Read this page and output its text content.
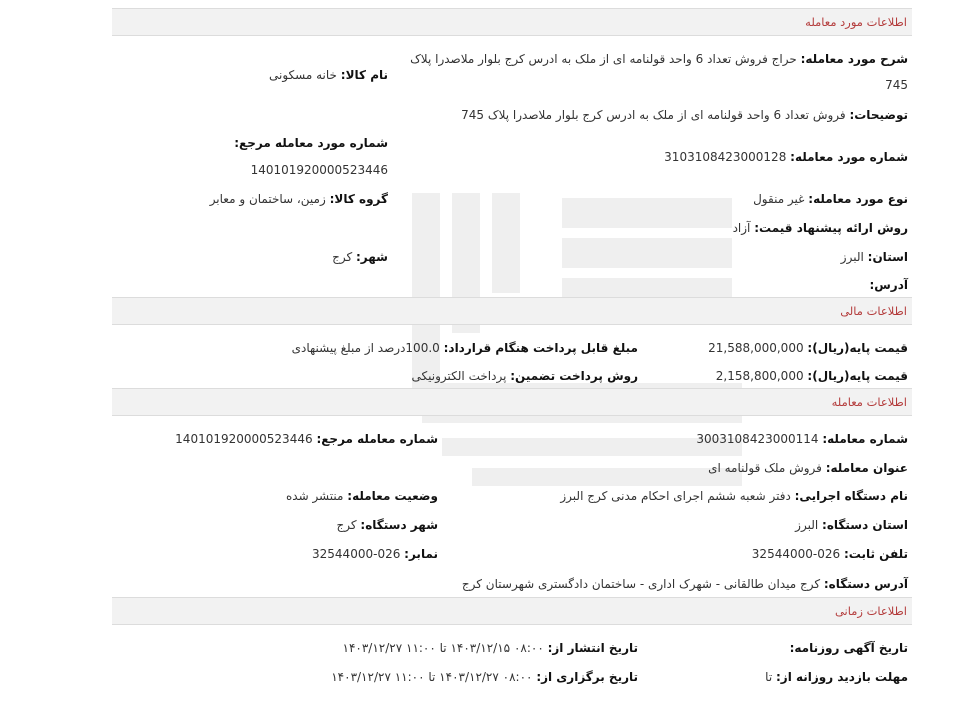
اطلاعات مورد معامله
شرح مورد معامله: حراج فروش تعداد 6 واحد قولنامه ای از ملک به ادرس کرج بلوار ملاصدرا پلاک
745
نام کالا: خانه مسکونی
توضیحات: فروش تعداد 6 واحد قولنامه ای از ملک به ادرس کرج بلوار ملاصدرا پلاک 745
شماره مورد معامله مرجع:
14010192000052344​6
شماره مورد معامله: 3103108423000128
نوع مورد معامله: غیر منقول
گروه کالا: زمین، ساختمان و معابر
روش ارائه پیشنهاد قیمت: آزاد
استان: البرز
شهر: کرج
آدرس:
اطلاعات مالی
قیمت پایه(ریال): 21,588,000,000
مبلغ قابل پرداخت هنگام قرارداد: 100.0درصد از مبلغ پیشنهادی
قیمت پایه(ریال): 2,158,800,000
روش پرداخت تضمین: پرداخت الکترونیکی
اطلاعات معامله
شماره معامله: 3003108423000114
شماره معامله مرجع: 14010192000052344​6
عنوان معامله: فروش ملک قولنامه ای
نام دستگاه اجرایی: دفتر شعبه ششم اجرای احکام مدنی کرج البرز
وضعیت معامله: منتشر شده
استان دستگاه: البرز
شهر دستگاه: کرج
تلفن ثابت: 026-32544000
نمابر: 026-32544000
آدرس دستگاه: کرج میدان طالقانی - شهرک اداری - ساختمان دادگستری شهرستان کرج
اطلاعات زمانی
تاریخ آگهی روزنامه:
تاریخ انتشار از: ۰۸:۰۰ ۱۴۰۳/۱۲/۱۵ تا ۱۱:۰۰ ۱۴۰۳/۱۲/۲۷
مهلت بازدید روزانه از: تا
تاریخ برگزاری از: ۰۸:۰۰ ۱۴۰۳/۱۲/۲۷ تا ۱۱:۰۰ ۱۴۰۳/۱۲/۲۷
